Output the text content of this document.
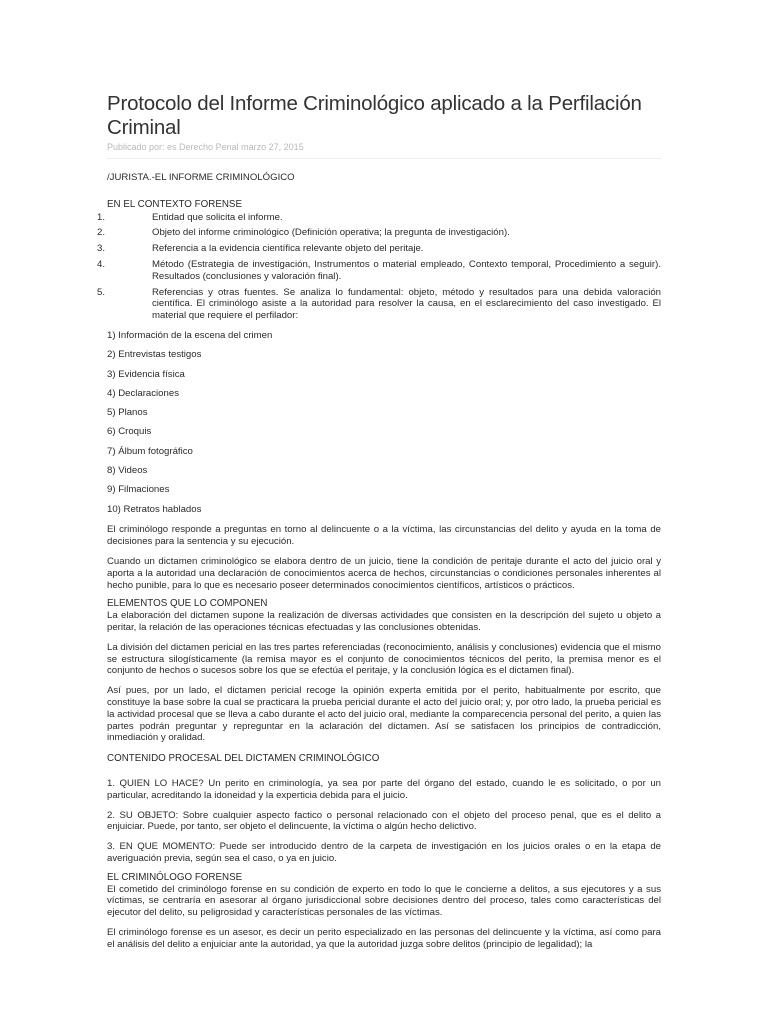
Protocolo del Informe Criminológico aplicado a la Perfilación Criminal
Publicado por: es Derecho Penal marzo 27, 2015

/JURISTA.-EL INFORME CRIMINOLÓGICO

EN EL CONTEXTO FORENSE

1.	Entidad que solicita el informe.
2.	Objeto del informe criminológico (Definición operativa; la pregunta de investigación).
3.	Referencia a la evidencia científica relevante objeto del peritaje.
4.	Método (Estrategia de investigación, Instrumentos o material empleado, Contexto temporal, Procedimiento a seguir). Resultados (conclusiones y valoración final).
5.	Referencias y otras fuentes. Se analiza lo fundamental: objeto, método y resultados para una debida valoración científica. El criminólogo asiste a la autoridad para resolver la causa, en el esclarecimiento del caso investigado. El material que requiere el perfilador:

1) Información de la escena del crimen

2) Entrevistas testigos

3) Evidencia física

4) Declaraciones

5) Planos

6) Croquis

7) Álbum fotográfico

8) Videos

9) Filmaciones

10) Retratos hablados

El criminólogo responde a preguntas en torno al delincuente o a la víctima, las circunstancias del delito y ayuda en la toma de decisiones para la sentencia y su ejecución.

Cuando un dictamen criminológico se elabora dentro de un juicio, tiene la condición de peritaje durante el acto del juicio oral y aporta a la autoridad una declaración de conocimientos acerca de hechos, circunstancias o condiciones personales inherentes al hecho punible, para lo que es necesario poseer determinados conocimientos científicos, artísticos o prácticos.

ELEMENTOS QUE LO COMPONEN

La elaboración del dictamen supone la realización de diversas actividades que consisten en la descripción del sujeto u objeto a peritar, la relación de las operaciones técnicas efectuadas y las conclusiones obtenidas.

La división del dictamen pericial en las tres partes referenciadas (reconocimiento, análisis y conclusiones) evidencia que el mismo se estructura silogísticamente (la remisa mayor es el conjunto de conocimientos técnicos del perito, la premisa menor es el conjunto de hechos o sucesos sobre los que se efectúa el peritaje, y la conclusión lógica es el dictamen final).

Así pues, por un lado, el dictamen pericial recoge la opinión experta emitida por el perito, habitualmente por escrito, que constituye la base sobre la cual se practicara la prueba pericial durante el acto del juicio oral; y, por otro lado, la prueba pericial es la actividad procesal que se lleva a cabo durante el acto del juicio oral, mediante la comparecencia personal del perito, a quien las partes podrán preguntar y repreguntar en la aclaración del dictamen. Así se satisfacen los principios de contradicción, inmediación y oralidad.

CONTENIDO PROCESAL DEL DICTAMEN CRIMINOLÓGICO

1. QUIEN LO HACE? Un perito en criminología, ya sea por parte del órgano del estado, cuando le es solicitado, o por un particular, acreditando la idoneidad y la experticia debida para el juicio.

2. SU OBJETO: Sobre cualquier aspecto factico o personal relacionado con el objeto del proceso penal, que es el delito a enjuiciar. Puede, por tanto, ser objeto el delincuente, la víctima o algún hecho delictivo.

3. EN QUE MOMENTO: Puede ser introducido dentro de la carpeta de investigación en los juicios orales o en la etapa de averiguación previa, según sea el caso, o ya en juicio.

EL CRIMINÓLOGO FORENSE

El cometido del criminólogo forense en su condición de experto en todo lo que le concierne a delitos, a sus ejecutores y a sus víctimas, se centraría en asesorar al órgano jurisdiccional sobre decisiones dentro del proceso, tales como características del ejecutor del delito, su peligrosidad y características personales de las víctimas.

El criminólogo forense es un asesor, es decir un perito especializado en las personas del delincuente y la víctima, así como para el análisis del delito a enjuiciar ante la autoridad, ya que la autoridad juzga sobre delitos (principio de legalidad); la
